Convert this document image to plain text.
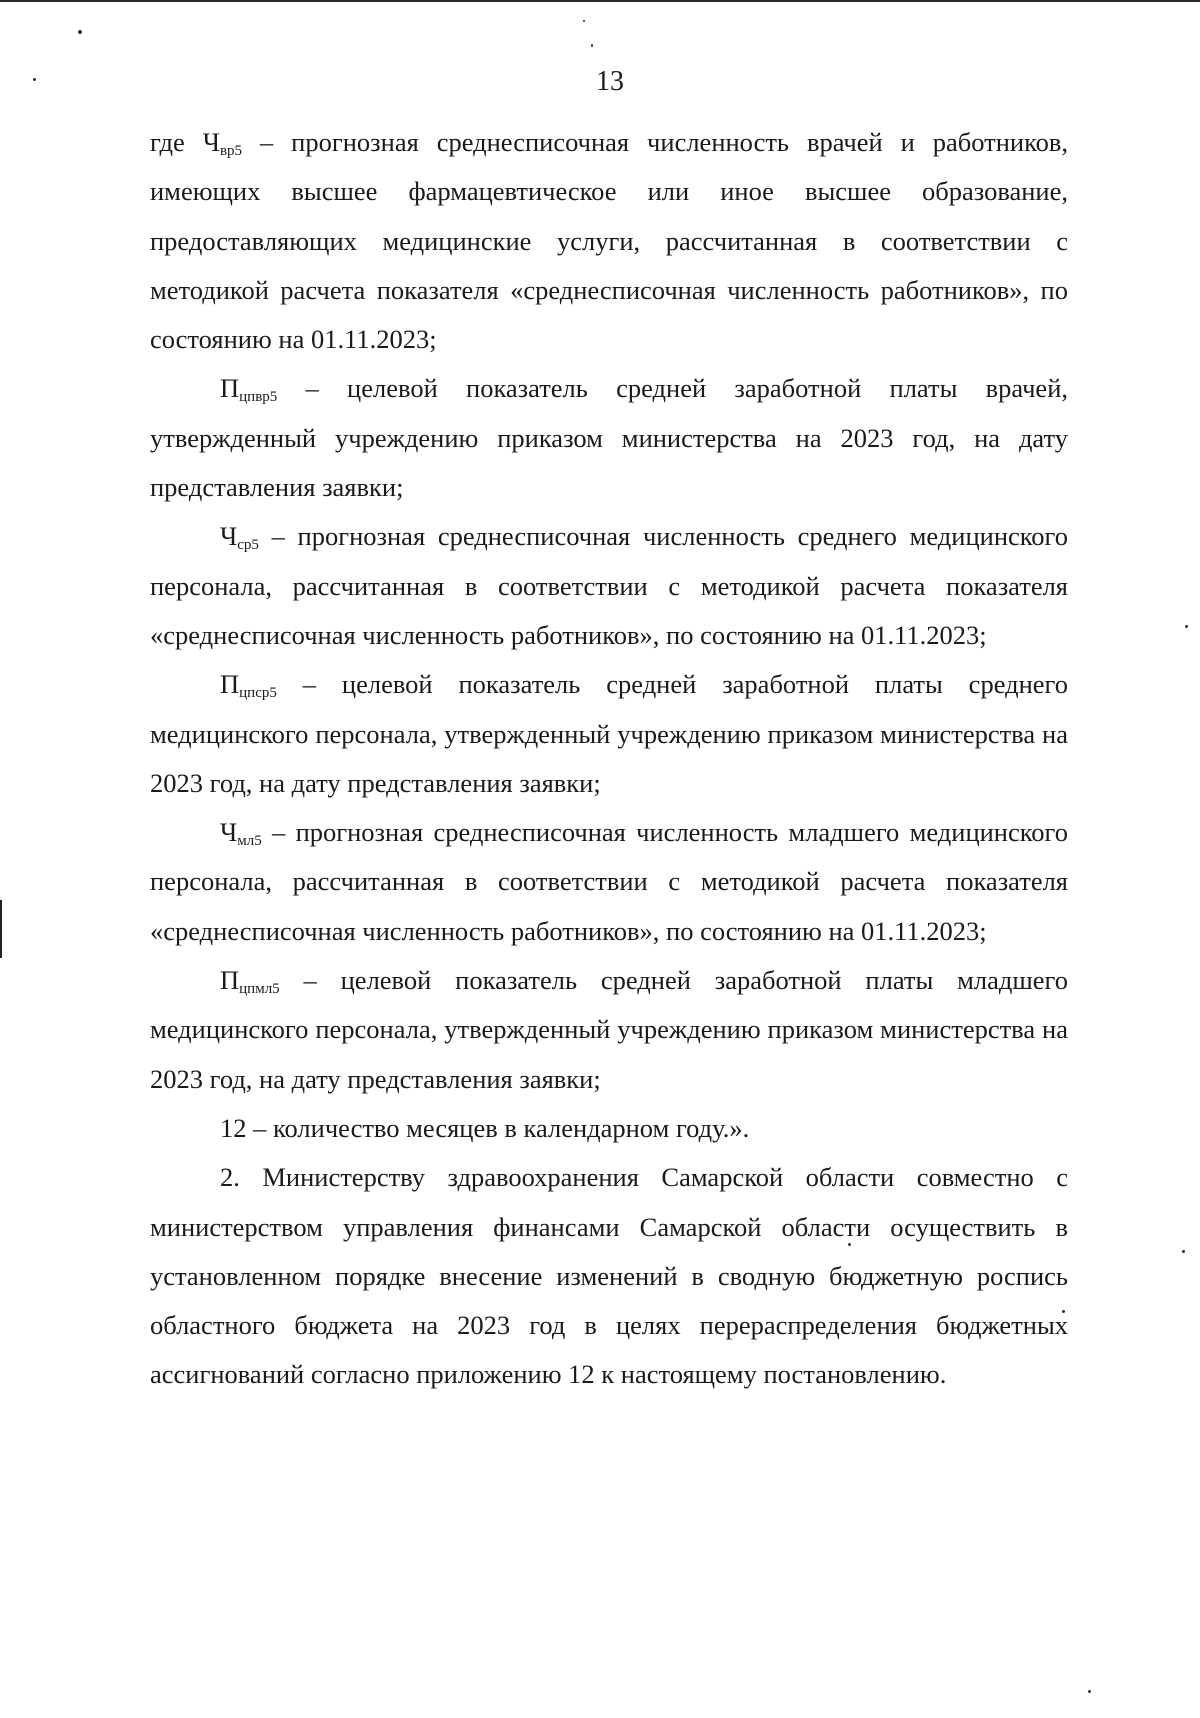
13

где $Ч_{вр5}$ – прогнозная среднесписочная численность врачей и работников, имеющих высшее фармацевтическое или иное высшее образование, предоставляющих медицинские услуги, рассчитанная в соответствии с методикой расчета показателя «среднесписочная численность работников», по состоянию на 01.11.2023;

$П_{цпвр5}$ – целевой показатель средней заработной платы врачей, утвержденный учреждению приказом министерства на 2023 год, на дату представления заявки;

$Ч_{ср5}$ – прогнозная среднесписочная численность среднего медицинского персонала, рассчитанная в соответствии с методикой расчета показателя «среднесписочная численность работников», по состоянию на 01.11.2023;

$П_{цпср5}$ – целевой показатель средней заработной платы среднего медицинского персонала, утвержденный учреждению приказом министерства на 2023 год, на дату представления заявки;

$Ч_{мл5}$ – прогнозная среднесписочная численность младшего медицинского персонала, рассчитанная в соответствии с методикой расчета показателя «среднесписочная численность работников», по состоянию на 01.11.2023;

$П_{цпмл5}$ – целевой показатель средней заработной платы младшего медицинского персонала, утвержденный учреждению приказом министерства на 2023 год, на дату представления заявки;

12 – количество месяцев в календарном году.».

2. Министерству здравоохранения Самарской области совместно с министерством управления финансами Самарской области осуществить в установленном порядке внесение изменений в сводную бюджетную роспись областного бюджета на 2023 год в целях перераспределения бюджетных ассигнований согласно приложению 12 к настоящему постановлению.
